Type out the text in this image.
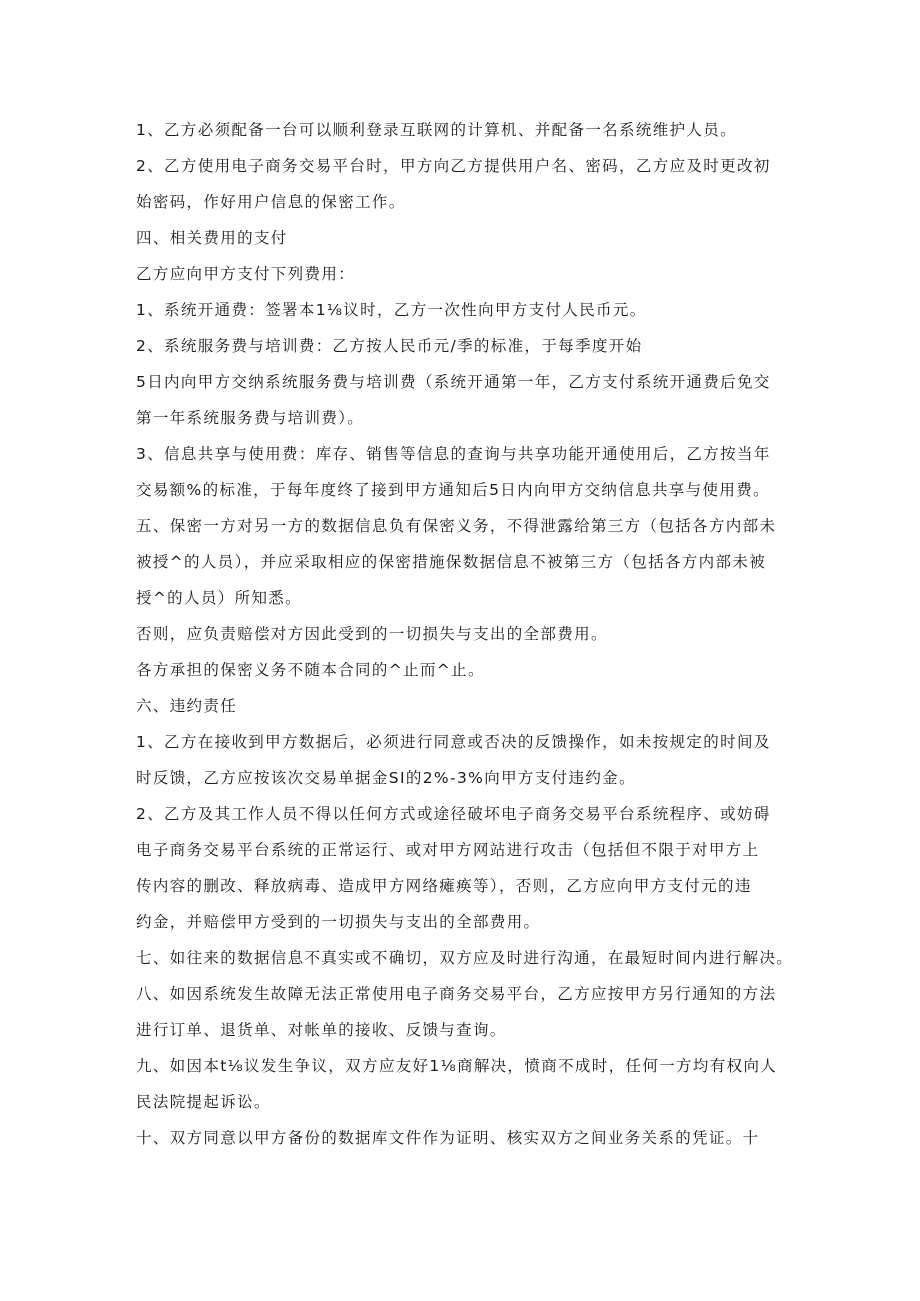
1、乙方必须配备一台可以顺利登录互联网的计算机、并配备一名系统维护人员。
2、乙方使用电子商务交易平台时，甲方向乙方提供用户名、密码，乙方应及时更改初
始密码，作好用户信息的保密工作。
四、相关费用的支付
乙方应向甲方支付下列费用：
1、系统开通费：签署本1⅛议时，乙方一次性向甲方支付人民币元。
2、系统服务费与培训费：乙方按人民币元/季的标准，于每季度开始
5日内向甲方交纳系统服务费与培训费（系统开通第一年，乙方支付系统开通费后免交
第一年系统服务费与培训费）。
3、信息共享与使用费：库存、销售等信息的查询与共享功能开通使用后，乙方按当年
交易额%的标准，于每年度终了接到甲方通知后5日内向甲方交纳信息共享与使用费。
五、保密一方对另一方的数据信息负有保密义务，不得泄露给第三方（包括各方内部未
被授^的人员），并应采取相应的保密措施保数据信息不被第三方（包括各方内部未被
授^的人员）所知悉。
否则，应负责赔偿对方因此受到的一切损失与支出的全部费用。
各方承担的保密义务不随本合同的^止而^止。
六、违约责任
1、乙方在接收到甲方数据后，必须进行同意或否决的反馈操作，如未按规定的时间及
时反馈，乙方应按该次交易单据金SI的2%-3%向甲方支付违约金。
2、乙方及其工作人员不得以任何方式或途径破坏电子商务交易平台系统程序、或妨碍
电子商务交易平台系统的正常运行、或对甲方网站进行攻击（包括但不限于对甲方上
传内容的删改、释放病毒、造成甲方网络瘫痪等），否则，乙方应向甲方支付元的违
约金，并赔偿甲方受到的一切损失与支出的全部费用。
七、如往来的数据信息不真实或不确切，双方应及时进行沟通，在最短时间内进行解决。
八、如因系统发生故障无法正常使用电子商务交易平台，乙方应按甲方另行通知的方法
进行订单、退货单、对帐单的接收、反馈与查询。
九、如因本t⅛议发生争议，双方应友好1⅛商解决，愤商不成时，任何一方均有权向人
民法院提起诉讼。
十、双方同意以甲方备份的数据库文件作为证明、核实双方之间业务关系的凭证。十
